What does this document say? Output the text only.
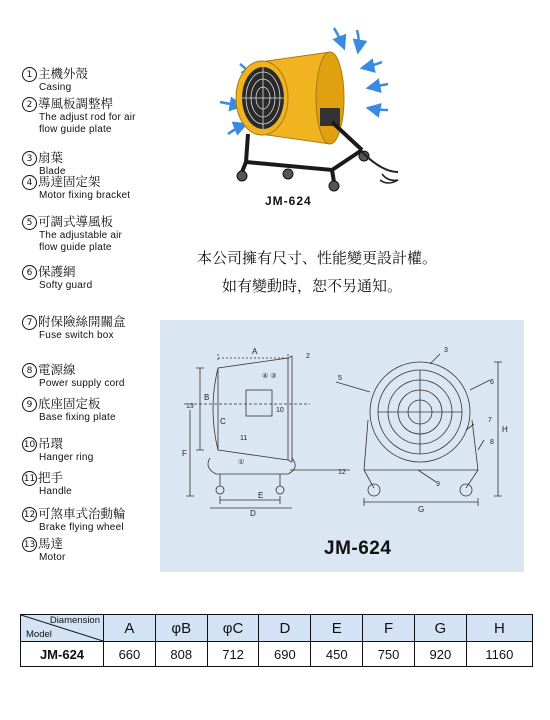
1 主機外殼
Casing
2 導風板調整桿
The adjust rod for air
flow guide plate
3 扇葉
Blade
4 馬達固定架
Motor fixing bracket
5 可調式導風板
The adjustable air
flow guide plate
6 保護網
Softy guard
7 附保險絲開關盒
Fuse switch box
8 電源線
Power supply cord
9 底座固定板
Base fixing plate
10 吊環
Hanger ring
11 把手
Handle
12 可煞車式治動輪
Brake flying wheel
13 馬達
Motor
JM-624
本公司擁有尺寸、性能變更設計權。
如有變動時，恕不另通知。
A
B
C
D
E
F
G
H
2
④ ③
①
10
11
13
5
3
6
7
8
9
12
JM-624
Diamension
Model	A	φB	φC	D	E	F	G	H
JM-624	660	808	712	690	450	750	920	1160
